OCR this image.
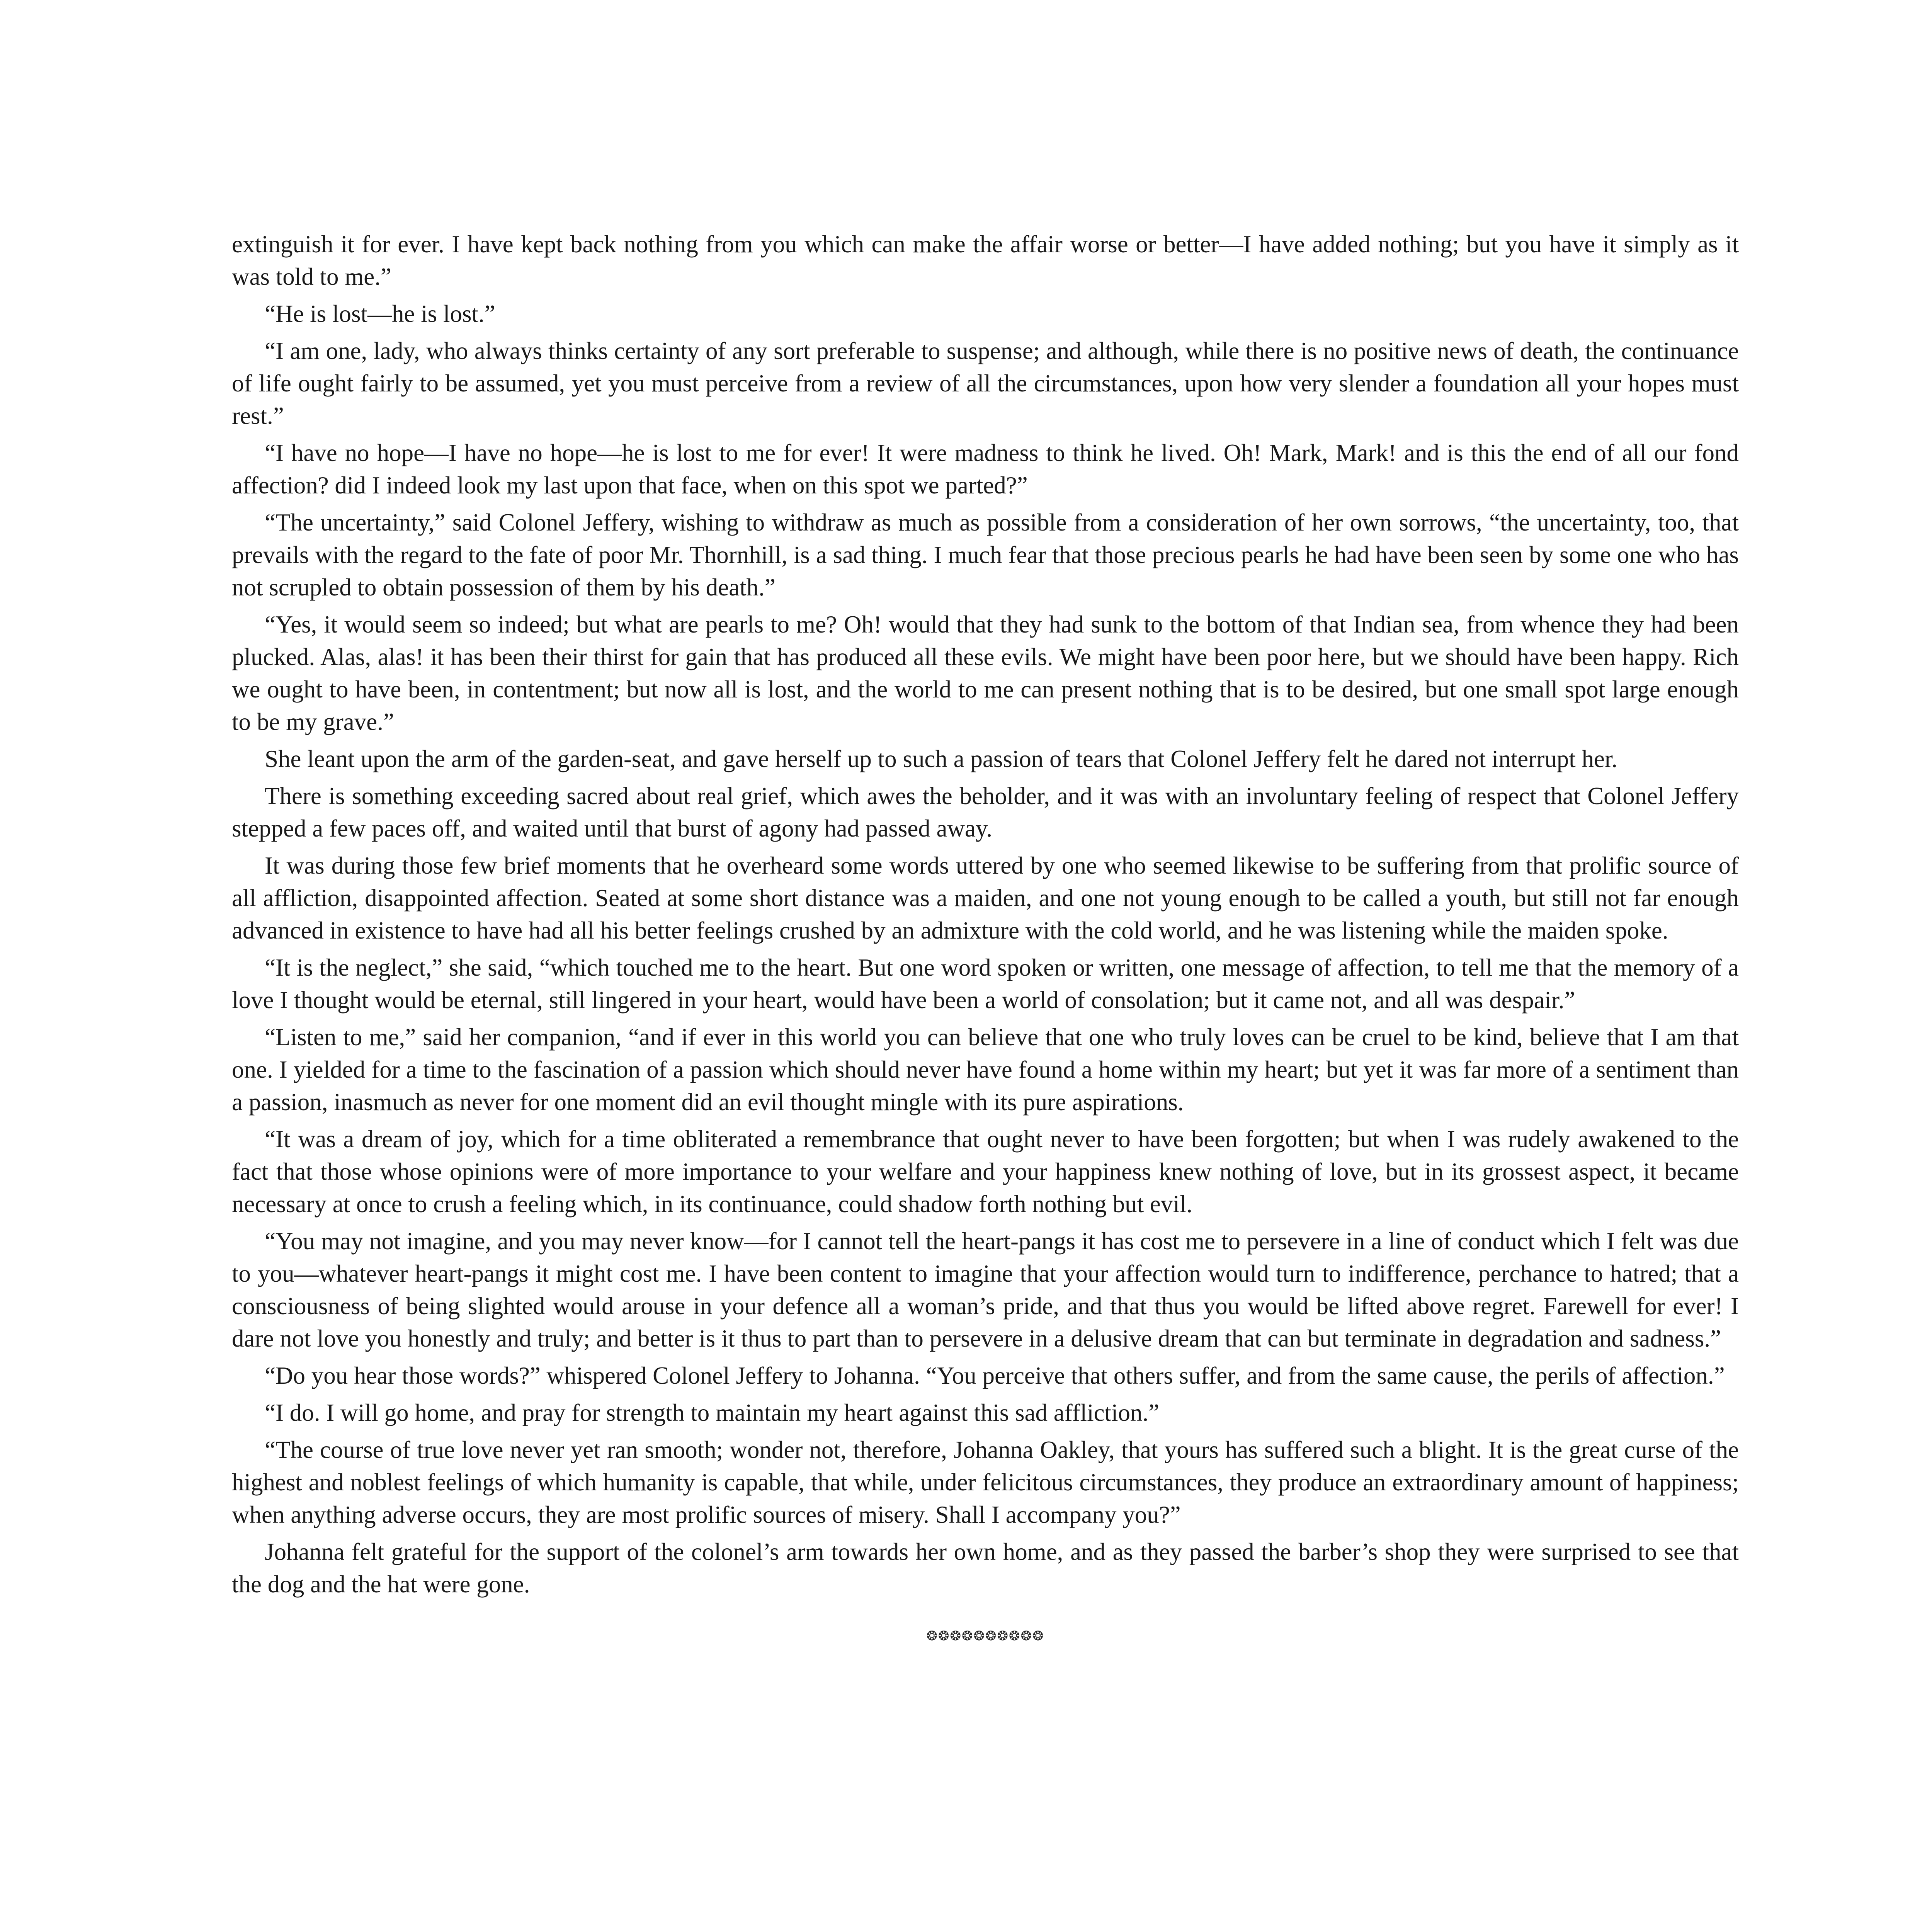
extinguish it for ever. I have kept back nothing from you which can make the affair worse or better—I have added nothing; but you have it simply as it was told to me.”

“He is lost—he is lost.”

“I am one, lady, who always thinks certainty of any sort preferable to suspense; and although, while there is no positive news of death, the continuance of life ought fairly to be assumed, yet you must perceive from a review of all the circumstances, upon how very slender a foundation all your hopes must rest.”

“I have no hope—I have no hope—he is lost to me for ever! It were madness to think he lived. Oh! Mark, Mark! and is this the end of all our fond affection? did I indeed look my last upon that face, when on this spot we parted?”

“The uncertainty,” said Colonel Jeffery, wishing to withdraw as much as possible from a consideration of her own sorrows, “the uncertainty, too, that prevails with the regard to the fate of poor Mr. Thornhill, is a sad thing. I much fear that those precious pearls he had have been seen by some one who has not scrupled to obtain possession of them by his death.”

“Yes, it would seem so indeed; but what are pearls to me? Oh! would that they had sunk to the bottom of that Indian sea, from whence they had been plucked. Alas, alas! it has been their thirst for gain that has produced all these evils. We might have been poor here, but we should have been happy. Rich we ought to have been, in contentment; but now all is lost, and the world to me can present nothing that is to be desired, but one small spot large enough to be my grave.”

She leant upon the arm of the garden-seat, and gave herself up to such a passion of tears that Colonel Jeffery felt he dared not interrupt her.

There is something exceeding sacred about real grief, which awes the beholder, and it was with an involuntary feeling of respect that Colonel Jeffery stepped a few paces off, and waited until that burst of agony had passed away.

It was during those few brief moments that he overheard some words uttered by one who seemed likewise to be suffering from that prolific source of all affliction, disappointed affection. Seated at some short distance was a maiden, and one not young enough to be called a youth, but still not far enough advanced in existence to have had all his better feelings crushed by an admixture with the cold world, and he was listening while the maiden spoke.

“It is the neglect,” she said, “which touched me to the heart. But one word spoken or written, one message of affection, to tell me that the memory of a love I thought would be eternal, still lingered in your heart, would have been a world of consolation; but it came not, and all was despair.”

“Listen to me,” said her companion, “and if ever in this world you can believe that one who truly loves can be cruel to be kind, believe that I am that one. I yielded for a time to the fascination of a passion which should never have found a home within my heart; but yet it was far more of a sentiment than a passion, inasmuch as never for one moment did an evil thought mingle with its pure aspirations.

“It was a dream of joy, which for a time obliterated a remembrance that ought never to have been forgotten; but when I was rudely awakened to the fact that those whose opinions were of more importance to your welfare and your happiness knew nothing of love, but in its grossest aspect, it became necessary at once to crush a feeling which, in its continuance, could shadow forth nothing but evil.

“You may not imagine, and you may never know—for I cannot tell the heart-pangs it has cost me to persevere in a line of conduct which I felt was due to you—whatever heart-pangs it might cost me. I have been content to imagine that your affection would turn to indifference, perchance to hatred; that a consciousness of being slighted would arouse in your defence all a woman’s pride, and that thus you would be lifted above regret. Farewell for ever! I dare not love you honestly and truly; and better is it thus to part than to persevere in a delusive dream that can but terminate in degradation and sadness.”

“Do you hear those words?” whispered Colonel Jeffery to Johanna. “You perceive that others suffer, and from the same cause, the perils of affection.”

“I do. I will go home, and pray for strength to maintain my heart against this sad affliction.”

“The course of true love never yet ran smooth; wonder not, therefore, Johanna Oakley, that yours has suffered such a blight. It is the great curse of the highest and noblest feelings of which humanity is capable, that while, under felicitous circumstances, they produce an extraordinary amount of happiness; when anything adverse occurs, they are most prolific sources of misery. Shall I accompany you?”

Johanna felt grateful for the support of the colonel’s arm towards her own home, and as they passed the barber’s shop they were surprised to see that the dog and the hat were gone.

❂❂❂❂❂❂❂❂❂❂
